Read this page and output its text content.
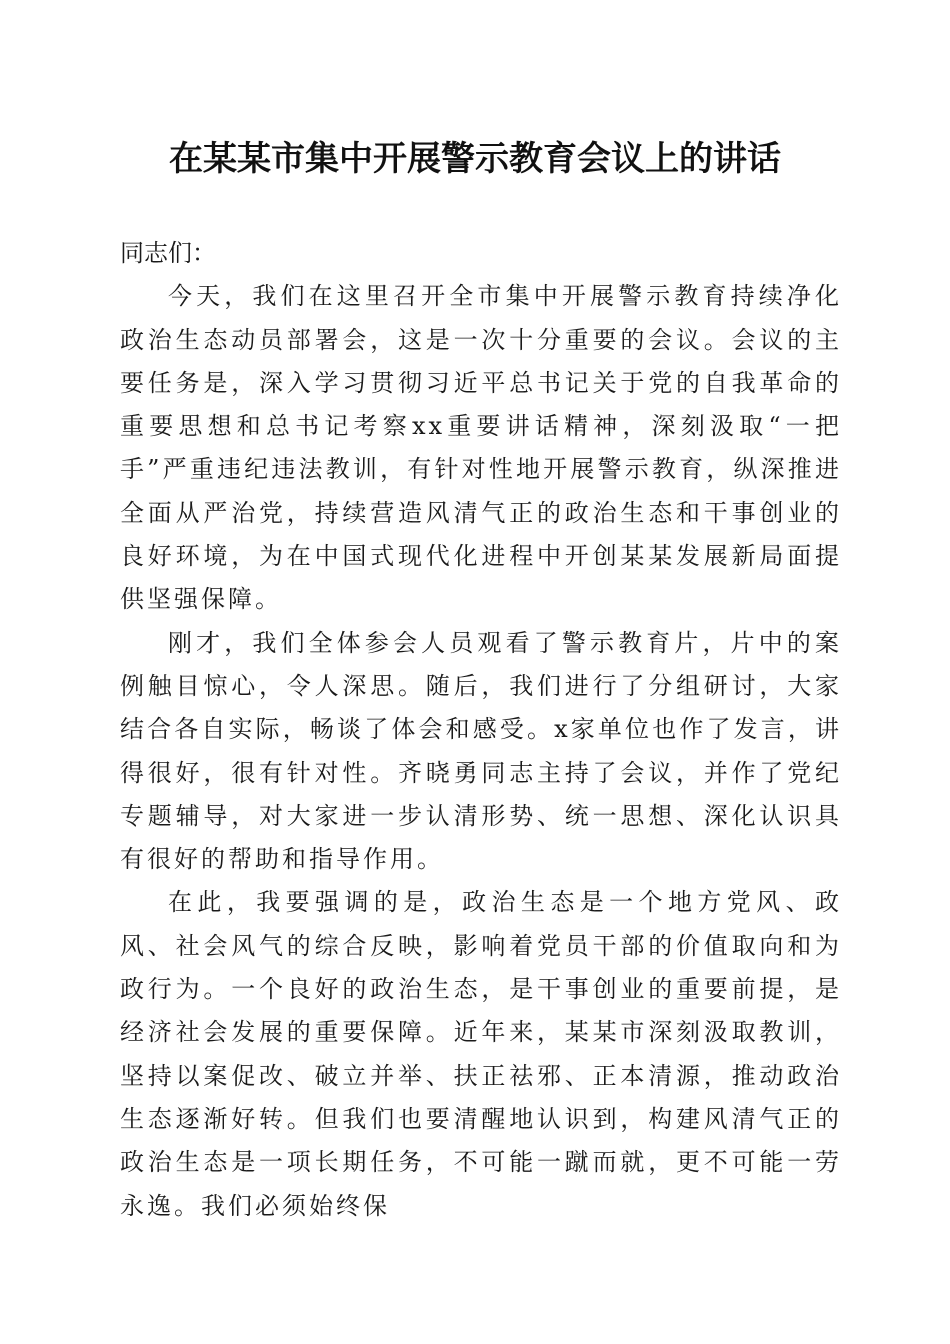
在某某市集中开展警示教育会议上的讲话

同志们：

今天，我们在这里召开全市集中开展警示教育持续净化政治生态动员部署会，这是一次十分重要的会议。会议的主要任务是，深入学习贯彻习近平总书记关于党的自我革命的重要思想和总书记考察xx重要讲话精神，深刻汲取“一把手”严重违纪违法教训，有针对性地开展警示教育，纵深推进全面从严治党，持续营造风清气正的政治生态和干事创业的良好环境，为在中国式现代化进程中开创某某发展新局面提供坚强保障。

刚才，我们全体参会人员观看了警示教育片，片中的案例触目惊心，令人深思。随后，我们进行了分组研讨，大家结合各自实际，畅谈了体会和感受。x家单位也作了发言，讲得很好，很有针对性。齐晓勇同志主持了会议，并作了党纪专题辅导，对大家进一步认清形势、统一思想、深化认识具有很好的帮助和指导作用。

在此，我要强调的是，政治生态是一个地方党风、政风、社会风气的综合反映，影响着党员干部的价值取向和为政行为。一个良好的政治生态，是干事创业的重要前提，是经济社会发展的重要保障。近年来，某某市深刻汲取教训，坚持以案促改、破立并举、扶正祛邪、正本清源，推动政治生态逐渐好转。但我们也要清醒地认识到，构建风清气正的政治生态是一项长期任务，不可能一蹴而就，更不可能一劳永逸。我们必须始终保
